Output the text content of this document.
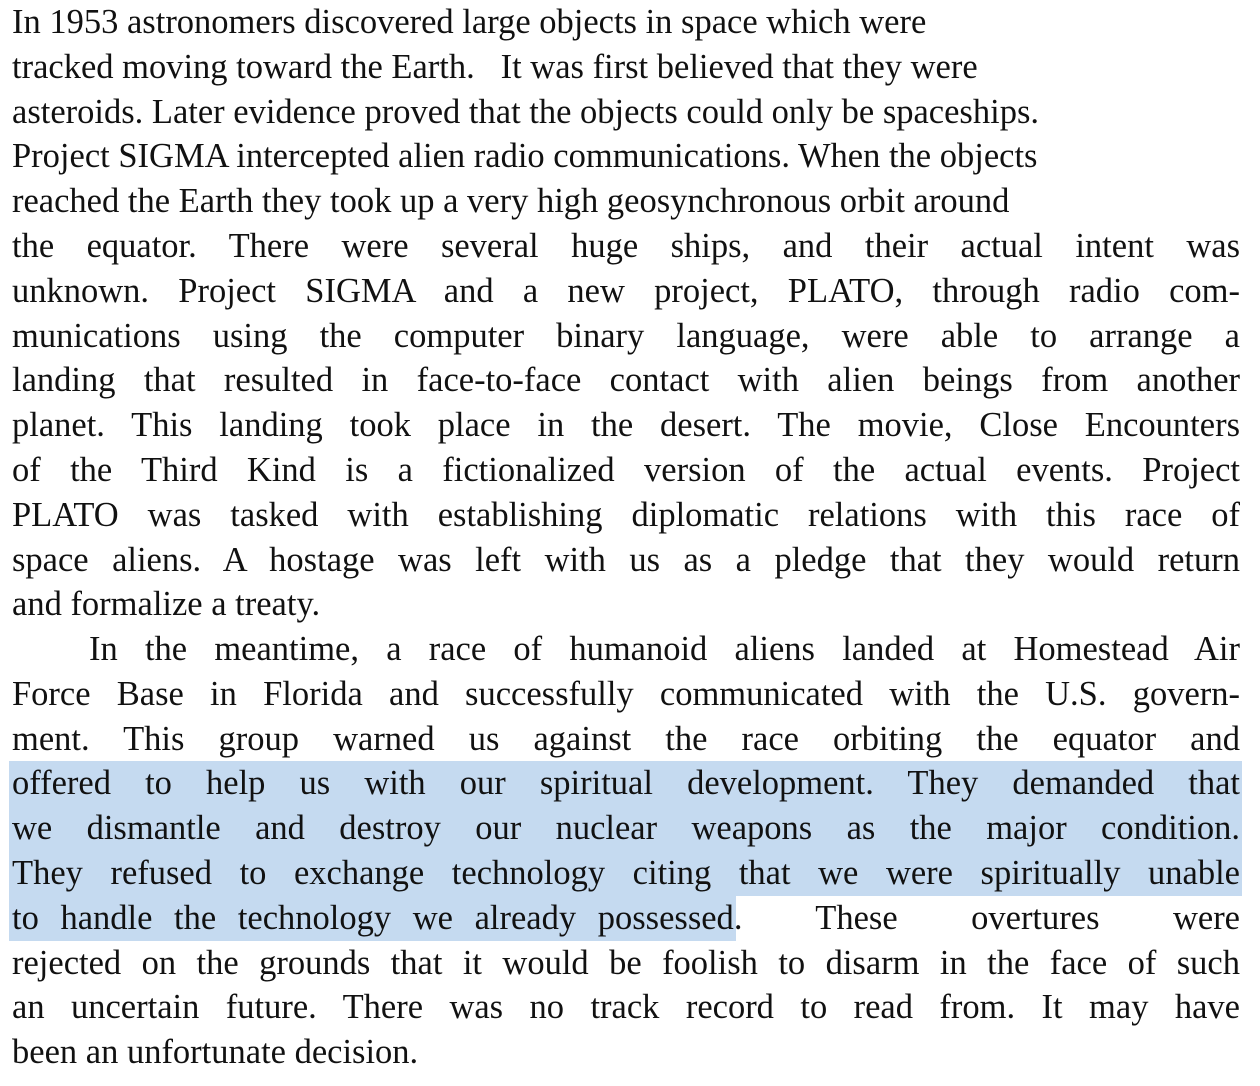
In 1953 astronomers discovered large objects in space which were
tracked moving toward the Earth.   It was first believed that they were
asteroids. Later evidence proved that the objects could only be spaceships.
Project SIGMA intercepted alien radio communications. When the objects
reached the Earth they took up a very high geosynchronous orbit around
the equator. There were several huge ships, and their actual intent was
unknown. Project SIGMA and a new project, PLATO, through radio com-
munications using the computer binary language, were able to arrange a
landing that resulted in face-to-face contact with alien beings from another
planet. This landing took place in the desert. The movie, Close Encounters
of the Third Kind is a fictionalized version of the actual events. Project
PLATO was tasked with establishing diplomatic relations with this race of
space aliens. A hostage was left with us as a pledge that they would return
and formalize a treaty.
In the meantime, a race of humanoid aliens landed at Homestead Air
Force Base in Florida and successfully communicated with the U.S. govern-
ment. This group warned us against the race orbiting the equator and
offered to help us with our spiritual development. They demanded that
we dismantle and destroy our nuclear weapons as the major condition.
They refused to exchange technology citing that we were spiritually unable
to handle the technology we already possessed . These overtures were
rejected on the grounds that it would be foolish to disarm in the face of such
an uncertain future. There was no track record to read from. It may have
been an unfortunate decision.
